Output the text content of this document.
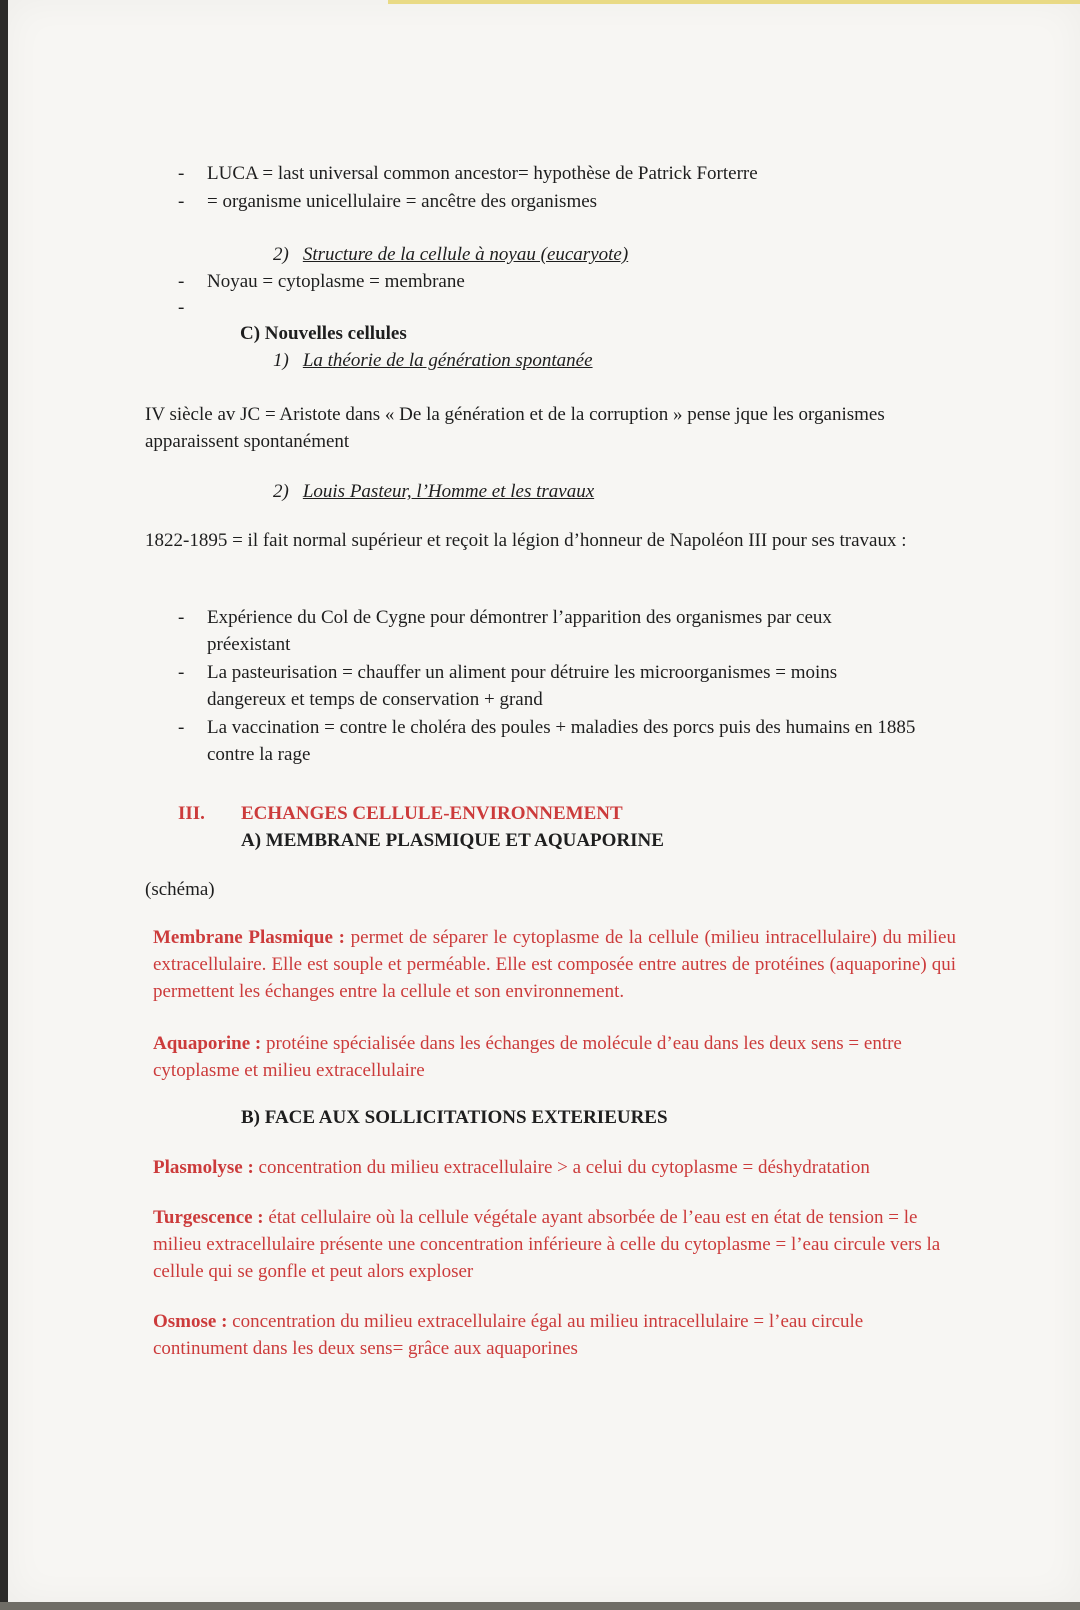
- LUCA = last universal common ancestor= hypothèse de Patrick Forterre
- = organisme unicellulaire = ancêtre des organismes
2) Structure de la cellule à noyau (eucaryote)
- Noyau = cytoplasme = membrane
-
C) Nouvelles cellules
1) La théorie de la génération spontanée
IV siècle av JC = Aristote dans « De la génération et de la corruption » pense jque les organismes apparaissent spontanément
2) Louis Pasteur, l’Homme et les travaux
1822-1895 = il fait normal supérieur et reçoit la légion d’honneur de Napoléon III pour ses travaux :
- Expérience du Col de Cygne pour démontrer l’apparition des organismes par ceux préexistant
- La pasteurisation = chauffer un aliment pour détruire les microorganismes = moins dangereux et temps de conservation + grand
- La vaccination = contre le choléra des poules + maladies des porcs puis des humains en 1885 contre la rage
III. ECHANGES CELLULE-ENVIRONNEMENT
A) MEMBRANE PLASMIQUE ET AQUAPORINE
(schéma)
Membrane Plasmique : permet de séparer le cytoplasme de la cellule (milieu intracellulaire) du milieu extracellulaire. Elle est souple et perméable. Elle est composée entre autres de protéines (aquaporine) qui permettent les échanges entre la cellule et son environnement.
Aquaporine : protéine spécialisée dans les échanges de molécule d’eau dans les deux sens = entre cytoplasme et milieu extracellulaire
B) FACE AUX SOLLICITATIONS EXTERIEURES
Plasmolyse : concentration du milieu extracellulaire > a celui du cytoplasme = déshydratation
Turgescence : état cellulaire où la cellule végétale ayant absorbée de l’eau est en état de tension = le milieu extracellulaire présente une concentration inférieure à celle du cytoplasme = l’eau circule vers la cellule qui se gonfle et peut alors exploser
Osmose : concentration du milieu extracellulaire égal au milieu intracellulaire = l’eau circule continument dans les deux sens= grâce aux aquaporines
